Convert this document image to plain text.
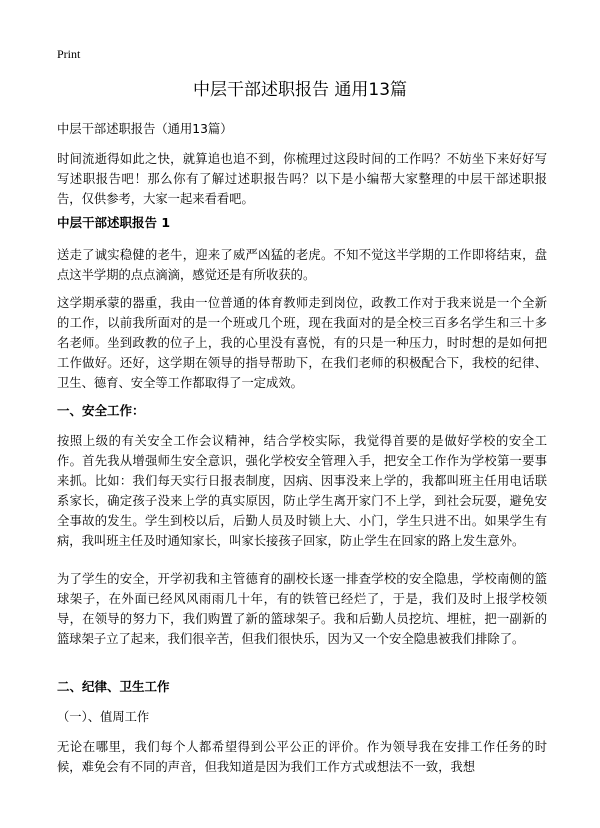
Print
中层干部述职报告 通用13篇

中层干部述职报告（通用13篇）

时间流逝得如此之快，就算追也追不到，你梳理过这段时间的工作吗？不妨坐下来好好写写述职报告吧！那么你有了解过述职报告吗？以下是小编帮大家整理的中层干部述职报告，仅供参考，大家一起来看看吧。

中层干部述职报告 1

送走了诚实稳健的老牛，迎来了威严凶猛的老虎。不知不觉这半学期的工作即将结束，盘点这半学期的点点滴滴，感觉还是有所收获的。

这学期承蒙的器重，我由一位普通的体育教师走到岗位，政教工作对于我来说是一个全新的工作，以前我所面对的是一个班或几个班，现在我面对的是全校三百多名学生和三十多名老师。坐到政教的位子上，我的心里没有喜悦，有的只是一种压力，时时想的是如何把工作做好。还好，这学期在领导的指导帮助下，在我们老师的积极配合下，我校的纪律、卫生、德育、安全等工作都取得了一定成效。

一、安全工作：

按照上级的有关安全工作会议精神，结合学校实际，我觉得首要的是做好学校的安全工作。首先我从增强师生安全意识，强化学校安全管理入手，把安全工作作为学校第一要事来抓。比如：我们每天实行日报表制度，因病、因事没来上学的，我都叫班主任用电话联系家长，确定孩子没来上学的真实原因，防止学生离开家门不上学，到社会玩耍，避免安全事故的发生。学生到校以后，后勤人员及时锁上大、小门，学生只进不出。如果学生有病，我叫班主任及时通知家长，叫家长接孩子回家，防止学生在回家的路上发生意外。

为了学生的安全，开学初我和主管德育的副校长逐一排查学校的安全隐患，学校南侧的篮球架子，在外面已经风风雨雨几十年，有的铁管已经烂了，于是，我们及时上报学校领导，在领导的努力下，我们购置了新的篮球架子。我和后勤人员挖坑、埋桩，把一副新的篮球架子立了起来，我们很辛苦，但我们很快乐，因为又一个安全隐患被我们排除了。

二、纪律、卫生工作

（一）、值周工作

无论在哪里，我们每个人都希望得到公平公正的评价。作为领导我在安排工作任务的时候，难免会有不同的声音，但我知道是因为我们工作方式或想法不一致，我想
